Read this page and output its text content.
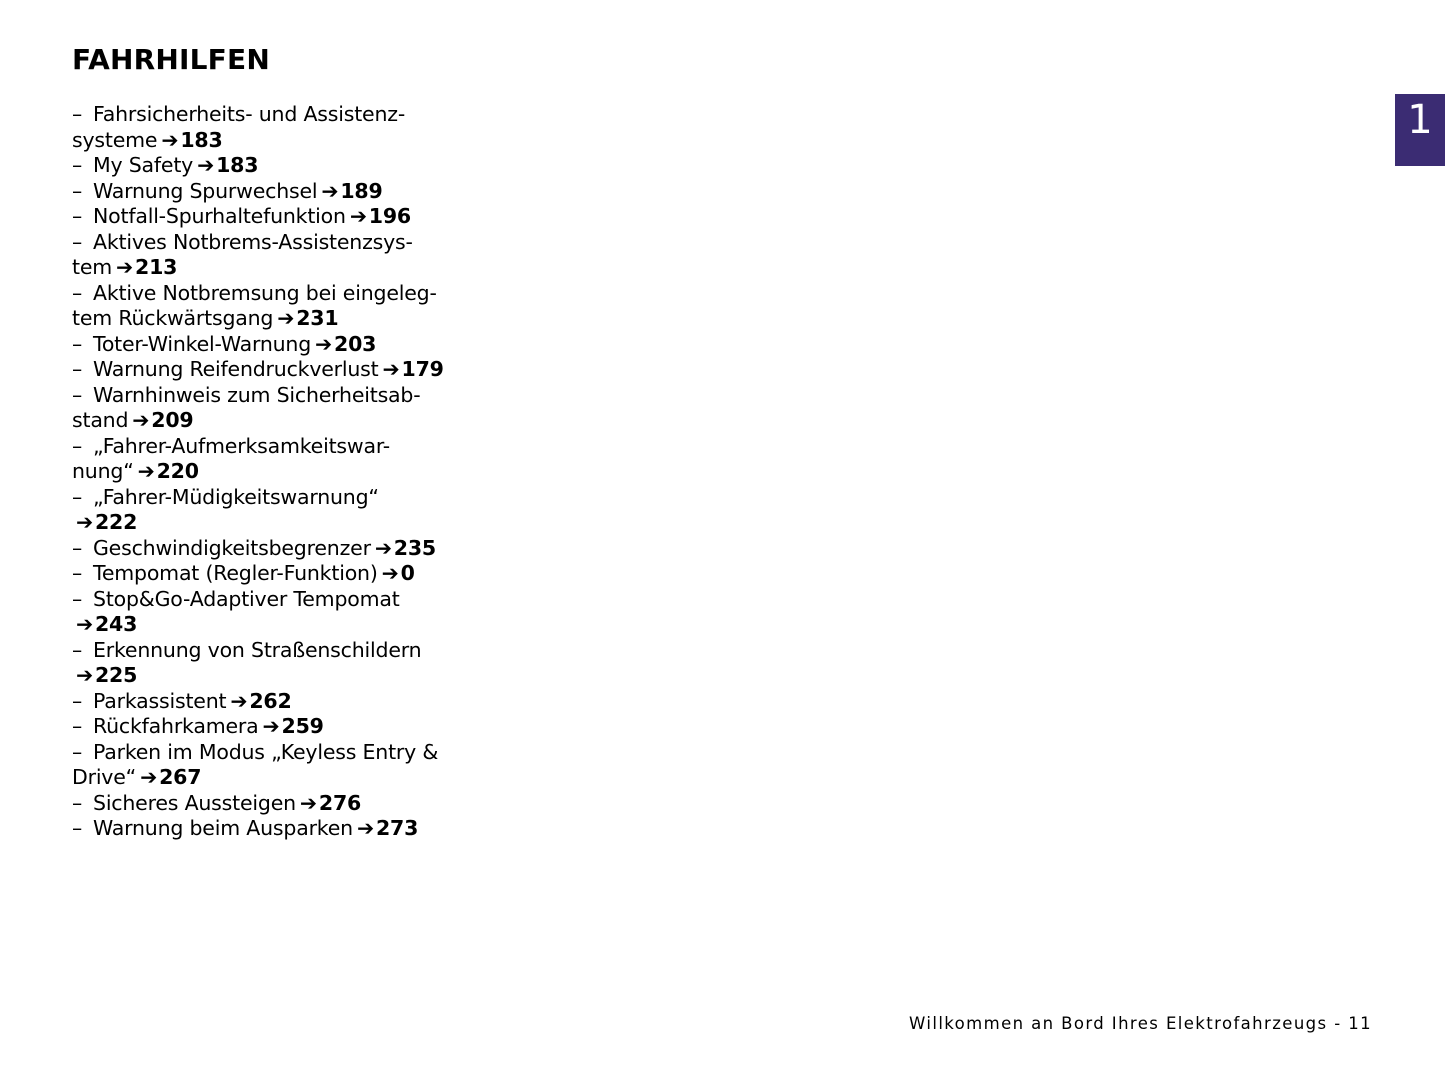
FAHRHILFEN
– Fahrsicherheits- und Assistenz-
systeme ➔183
– My Safety ➔183
– Warnung Spurwechsel ➔189
– Notfall-Spurhaltefunktion ➔196
– Aktives Notbrems-Assistenzsys-
tem ➔213
– Aktive Notbremsung bei eingeleg-
tem Rückwärtsgang ➔231
– Toter-Winkel-Warnung ➔203
– Warnung Reifendruckverlust ➔179
– Warnhinweis zum Sicherheitsab-
stand ➔209
– „Fahrer-Aufmerksamkeitswar-
nung“ ➔220
– „Fahrer-Müdigkeitswarnung“
➔222
– Geschwindigkeitsbegrenzer ➔235
– Tempomat (Regler-Funktion) ➔0
– Stop&Go-Adaptiver Tempomat
➔243
– Erkennung von Straßenschildern
➔225
– Parkassistent ➔262
– Rückfahrkamera ➔259
– Parken im Modus „Keyless Entry &
Drive“ ➔267
– Sicheres Aussteigen ➔276
– Warnung beim Ausparken ➔273
1
Willkommen an Bord Ihres Elektrofahrzeugs - 11
